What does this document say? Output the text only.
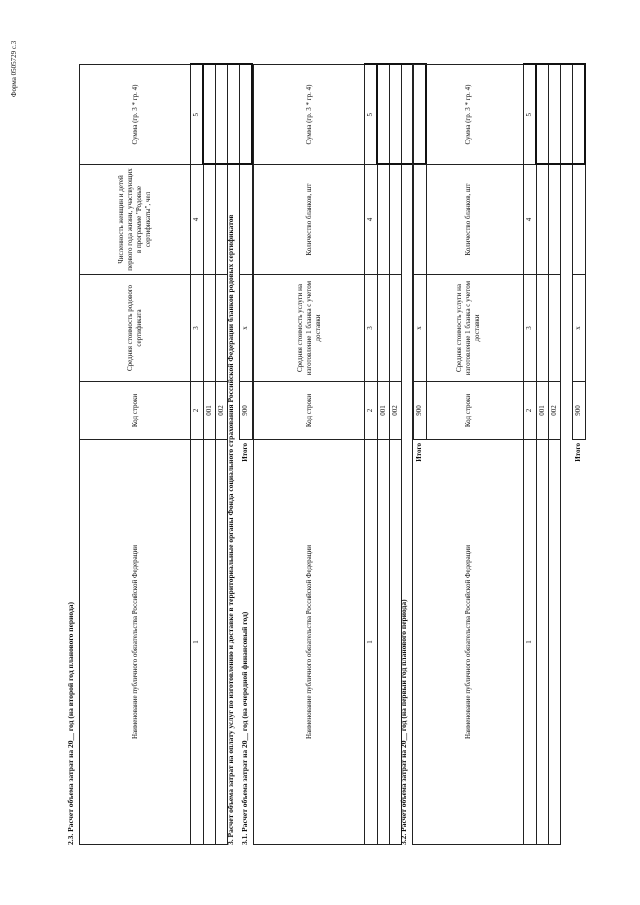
Форма 0505729 с.3
2.3. Расчет объема затрат на 20__ год (на второй год планового периода)	Наименование публичного обязательства Российской Федерации	Код строки	Средняя стоимость родового сертификата	Численность женщин и детей первого года жизни, участвующих в программе "Родовые сертификаты", чел	Сумма (гр. 3 * гр. 4)
1	2	3	4	5
	001			
	002			

Итого	900	x		
3. Расчет объема затрат на оплату услуг по изготовлению и доставке в территориальные органы Фонда социального страхования Российской Федерации бланков родовых сертификатов 3.1. Расчет объема затрат на 20__ год (на очередной финансовый год)	Наименование публичного обязательства Российской Федерации	Код строки	Средняя стоимость услуги на изготовление 1 бланка с учетом доставки	Количество бланков, шт	Сумма (гр. 3 * гр. 4)
1	2	3	4	5
	001			
	002			

Итого	900	x		
3.2. Расчет объема затрат на 20__ год (на первый год планового периода)	Наименование публичного обязательства Российской Федерации	Код строки	Средняя стоимость услуги на изготовление 1 бланка с учетом доставки	Количество бланков, шт	Сумма (гр. 3 * гр. 4)
1	2	3	4	5
	001			
	002			

Итого	900	x		
